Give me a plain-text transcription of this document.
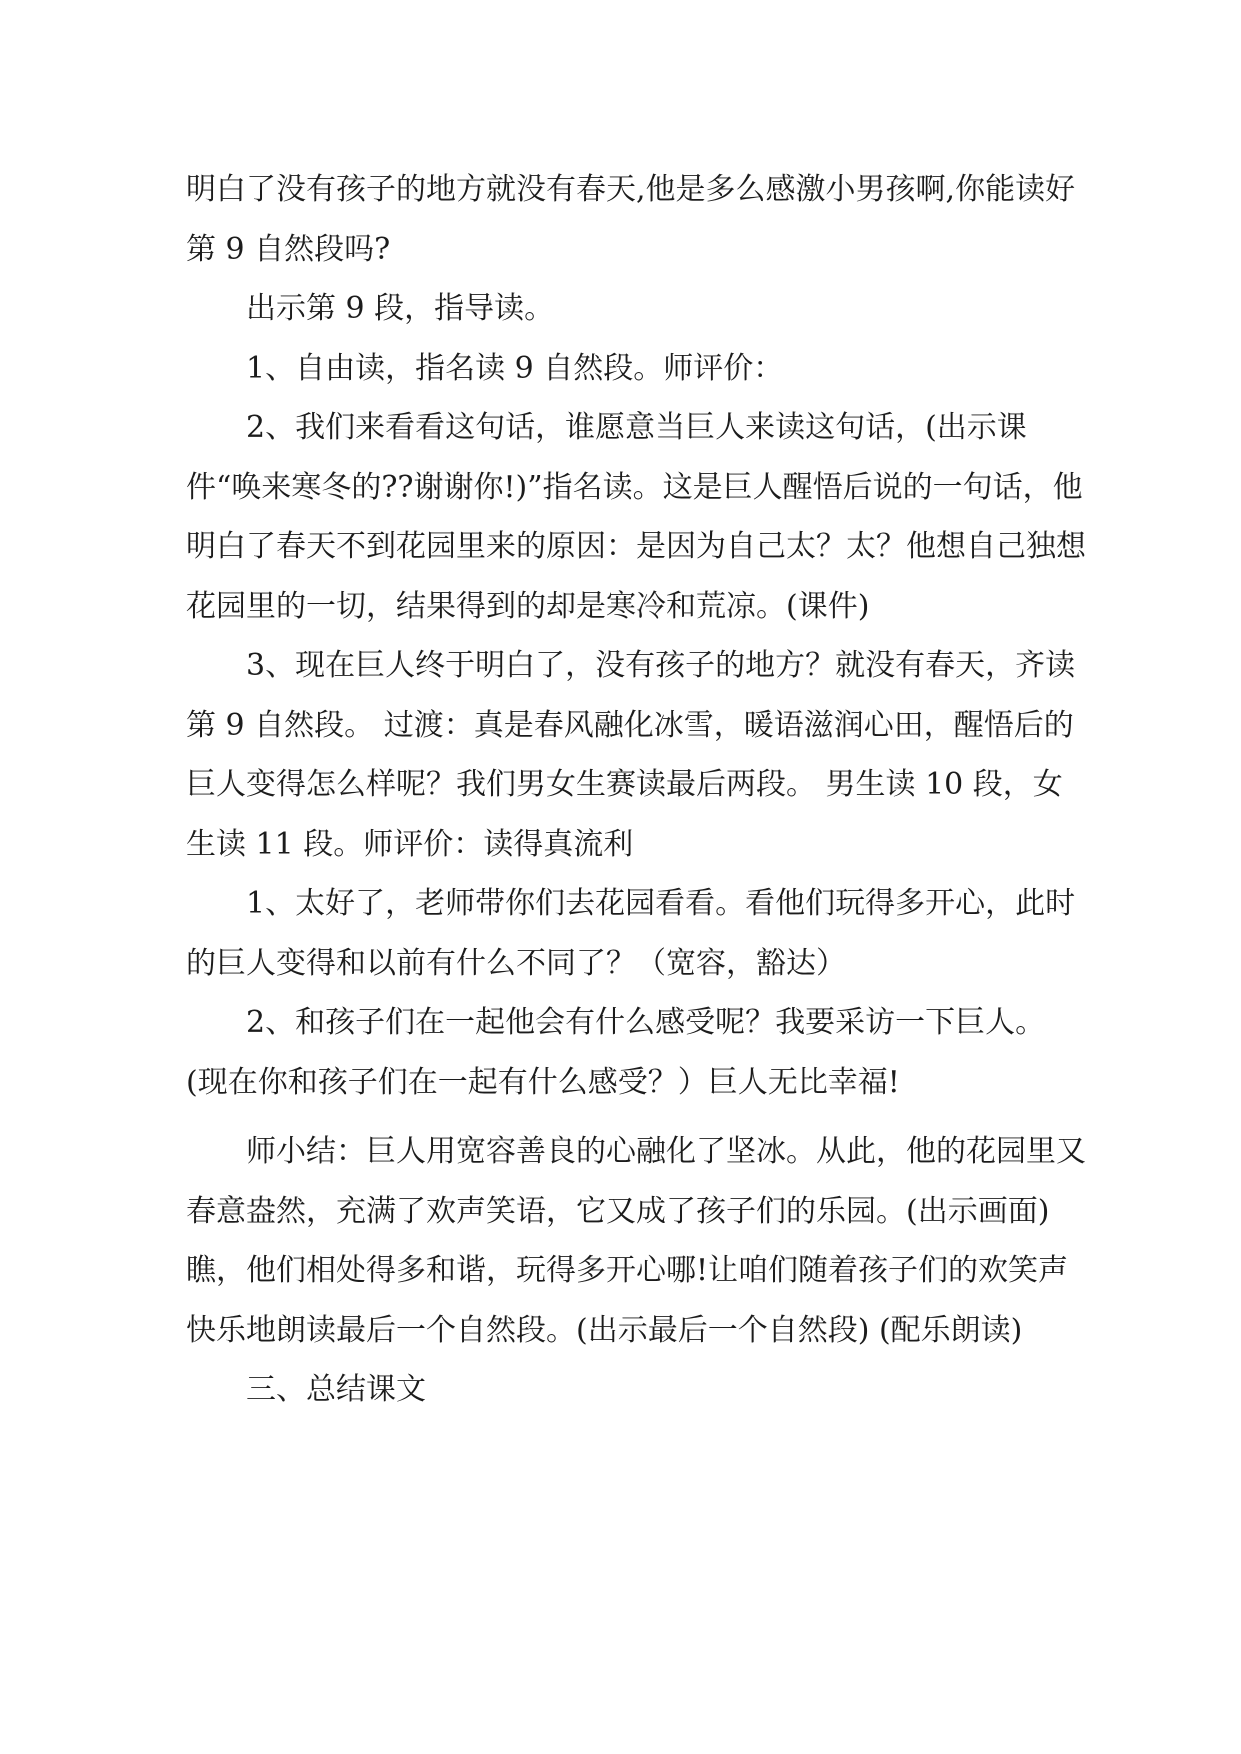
明白了没有孩子的地方就没有春天,他是多么感激小男孩啊,你能读好第 9 自然段吗?

出示第 9 段，指导读。

1、自由读，指名读 9 自然段。师评价：

2、我们来看看这句话，谁愿意当巨人来读这句话，(出示课件“唤来寒冬的??谢谢你!)”指名读。这是巨人醒悟后说的一句话，他明白了春天不到花园里来的原因：是因为自己太？太？他想自己独想花园里的一切，结果得到的却是寒冷和荒凉。(课件)

3、现在巨人终于明白了，没有孩子的地方？就没有春天，齐读第 9 自然段。 过渡：真是春风融化冰雪，暖语滋润心田，醒悟后的巨人变得怎么样呢？我们男女生赛读最后两段。 男生读 10 段，女生读 11 段。师评价：读得真流利

1、太好了，老师带你们去花园看看。看他们玩得多开心，此时的巨人变得和以前有什么不同了？（宽容，豁达）

2、和孩子们在一起他会有什么感受呢？我要采访一下巨人。(现在你和孩子们在一起有什么感受？）巨人无比幸福!

师小结：巨人用宽容善良的心融化了坚冰。从此，他的花园里又春意盎然，充满了欢声笑语，它又成了孩子们的乐园。(出示画面)瞧，他们相处得多和谐，玩得多开心哪!让咱们随着孩子们的欢笑声快乐地朗读最后一个自然段。(出示最后一个自然段) (配乐朗读)

三、总结课文
